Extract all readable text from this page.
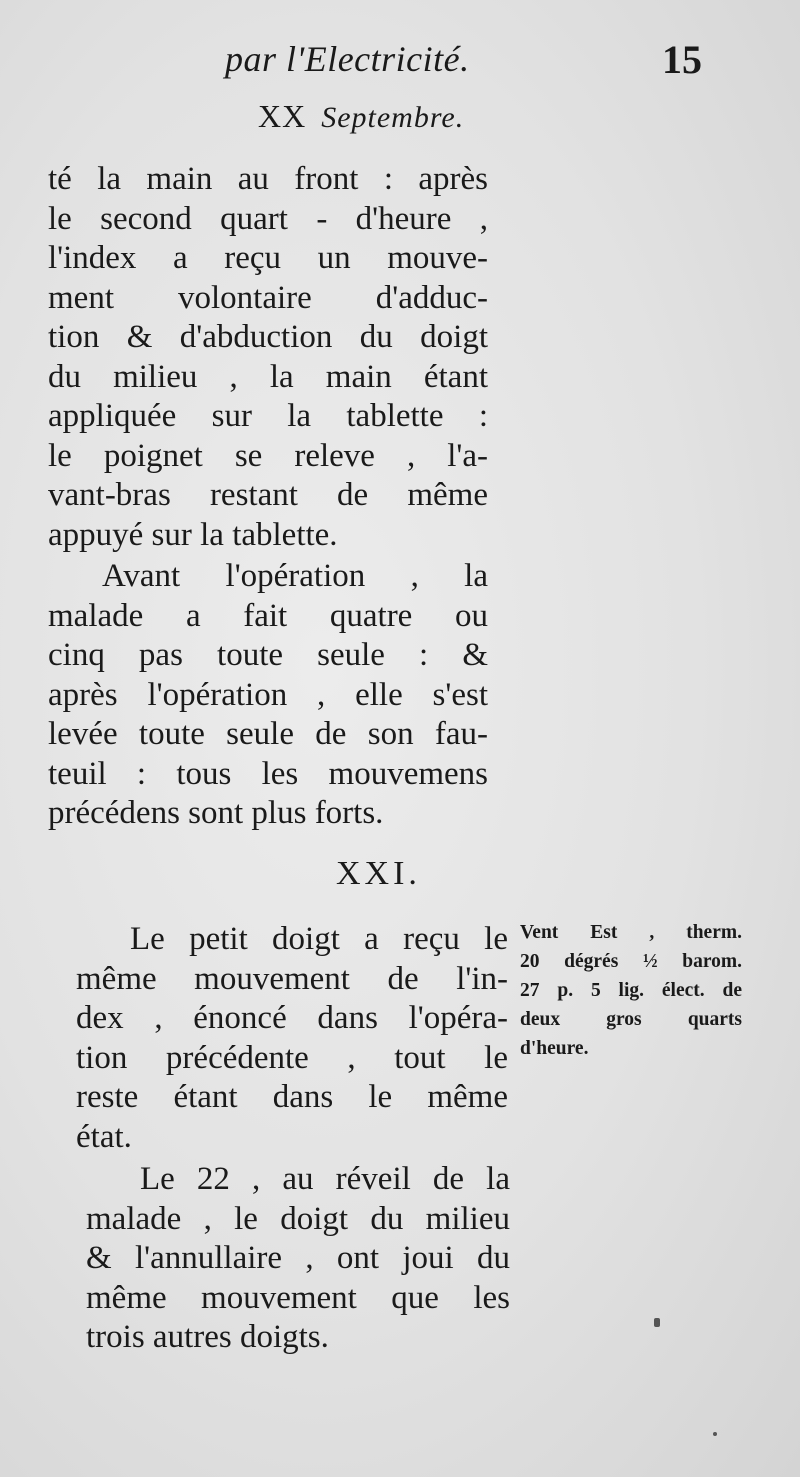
par l'Electricité.	15
XX Septembre.
té la main au front : après
le second quart - d'heure ,
l'index a reçu un mouve-
ment volontaire d'adduc-
tion & d'abduction du doigt
du milieu , la main étant
appliquée sur la tablette :
le poignet se releve , l'a-
vant-bras restant de même
appuyé sur la tablette.
Avant l'opération , la
malade a fait quatre ou
cinq pas toute seule : &
après l'opération , elle s'est
levée toute seule de son fau-
teuil : tous les mouvemens
précédens sont plus forts.
XXI.
Le petit doigt a reçu le
même mouvement de l'in-
dex , énoncé dans l'opéra-
tion précédente , tout le
reste étant dans le même
état.
Le 22 , au réveil de la
malade , le doigt du milieu
& l'annullaire , ont joui du
même mouvement que les
trois autres doigts.
Vent Est , therm.
20 dégrés ½ barom.
27 p. 5 lig. élect. de
deux gros quarts
d'heure.
